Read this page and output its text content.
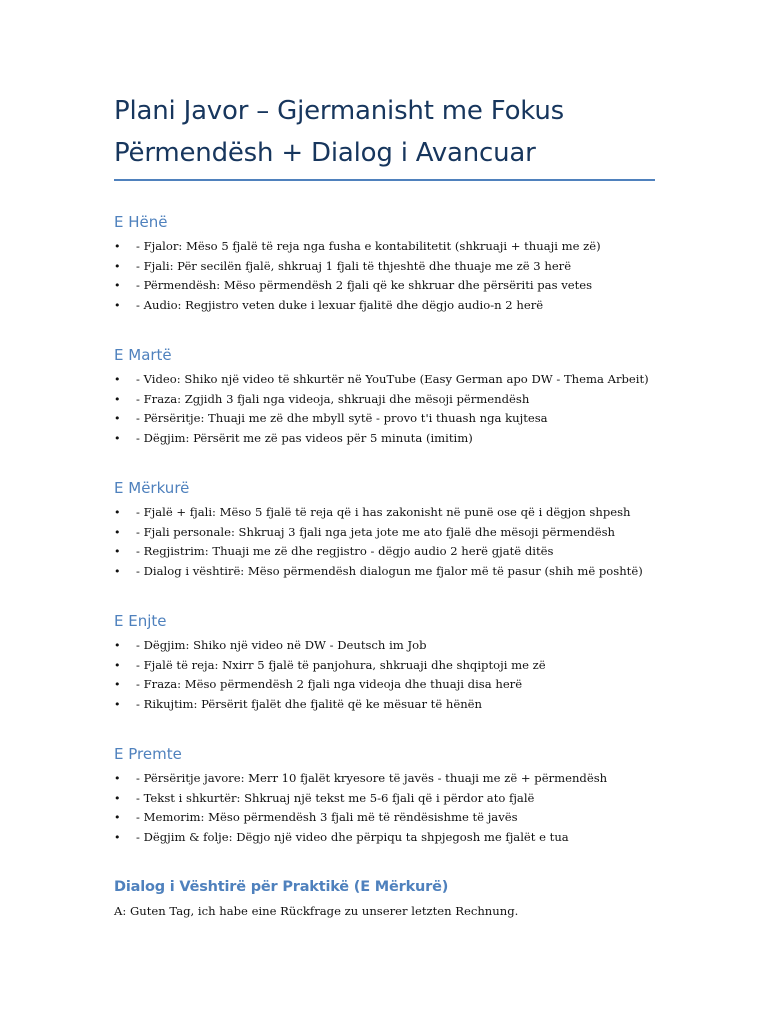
Plani Javor – Gjermanisht me Fokus
Përmendësh + Dialog i Avancuar
E Hënë
• - Fjalor: Mëso 5 fjalë të reja nga fusha e kontabilitetit (shkruaji + thuaji me zë)
• - Fjali: Për secilën fjalë, shkruaj 1 fjali të thjeshtë dhe thuaje me zë 3 herë
• - Përmendësh: Mëso përmendësh 2 fjali që ke shkruar dhe përsëriti pas vetes
• - Audio: Regjistro veten duke i lexuar fjalitë dhe dëgjo audio-n 2 herë
E Martë
• - Video: Shiko një video të shkurtër në YouTube (Easy German apo DW - Thema Arbeit)
• - Fraza: Zgjidh 3 fjali nga videoja, shkruaji dhe mësoji përmendësh
• - Përsëritje: Thuaji me zë dhe mbyll sytë - provo t'i thuash nga kujtesa
• - Dëgjim: Përsërit me zë pas videos për 5 minuta (imitim)
E Mërkurë
• - Fjalë + fjali: Mëso 5 fjalë të reja që i has zakonisht në punë ose që i dëgjon shpesh
• - Fjali personale: Shkruaj 3 fjali nga jeta jote me ato fjalë dhe mësoji përmendësh
• - Regjistrim: Thuaji me zë dhe regjistro - dëgjo audio 2 herë gjatë ditës
• - Dialog i vështirë: Mëso përmendësh dialogun me fjalor më të pasur (shih më poshtë)
E Enjte
• - Dëgjim: Shiko një video në DW - Deutsch im Job
• - Fjalë të reja: Nxirr 5 fjalë të panjohura, shkruaji dhe shqiptoji me zë
• - Fraza: Mëso përmendësh 2 fjali nga videoja dhe thuaji disa herë
• - Rikujtim: Përsërit fjalët dhe fjalitë që ke mësuar të hënën
E Premte
• - Përsëritje javore: Merr 10 fjalët kryesore të javës - thuaji me zë + përmendësh
• - Tekst i shkurtër: Shkruaj një tekst me 5-6 fjali që i përdor ato fjalë
• - Memorim: Mëso përmendësh 3 fjali më të rëndësishme të javës
• - Dëgjim & folje: Dëgjo një video dhe përpiqu ta shpjegosh me fjalët e tua
Dialog i Vështirë për Praktikë (E Mërkurë)

A: Guten Tag, ich habe eine Rückfrage zu unserer letzten Rechnung.
